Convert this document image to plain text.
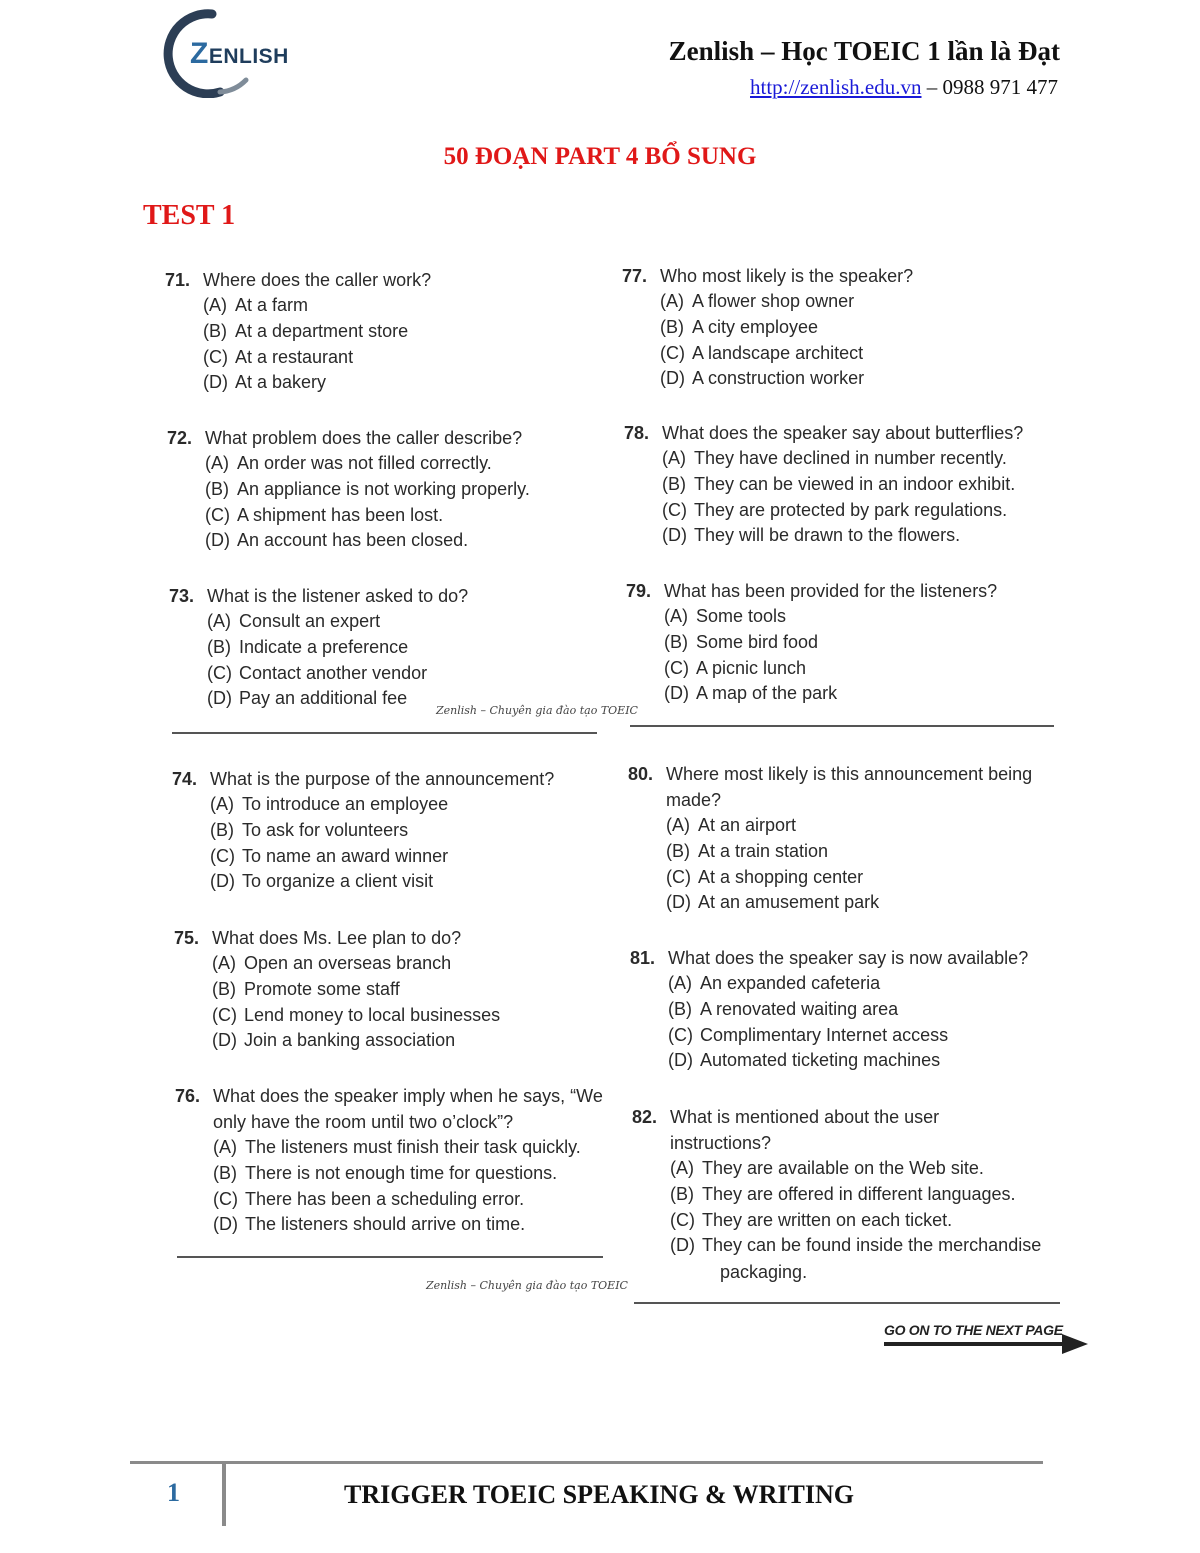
ZENLISH	Zenlish – Học TOEIC 1 lần là Đạt
http://zenlish.edu.vn – 0988 971 477
50 ĐOẠN PART 4 BỔ SUNG
TEST 1
71. Where does the caller work?
(A) At a farm
(B) At a department store
(C) At a restaurant
(D) At a bakery
72. What problem does the caller describe?
(A) An order was not filled correctly.
(B) An appliance is not working properly.
(C) A shipment has been lost.
(D) An account has been closed.
73. What is the listener asked to do?
(A) Consult an expert
(B) Indicate a preference
(C) Contact another vendor
(D) Pay an additional fee
74. What is the purpose of the announcement?
(A) To introduce an employee
(B) To ask for volunteers
(C) To name an award winner
(D) To organize a client visit
75. What does Ms. Lee plan to do?
(A) Open an overseas branch
(B) Promote some staff
(C) Lend money to local businesses
(D) Join a banking association
76. What does the speaker imply when he says, “We only have the room until two o’clock”?
(A) The listeners must finish their task quickly.
(B) There is not enough time for questions.
(C) There has been a scheduling error.
(D) The listeners should arrive on time.
77. Who most likely is the speaker?
(A) A flower shop owner
(B) A city employee
(C) A landscape architect
(D) A construction worker
78. What does the speaker say about butterflies?
(A) They have declined in number recently.
(B) They can be viewed in an indoor exhibit.
(C) They are protected by park regulations.
(D) They will be drawn to the flowers.
79. What has been provided for the listeners?
(A) Some tools
(B) Some bird food
(C) A picnic lunch
(D) A map of the park
80. Where most likely is this announcement being made?
(A) At an airport
(B) At a train station
(C) At a shopping center
(D) At an amusement park
81. What does the speaker say is now available?
(A) An expanded cafeteria
(B) A renovated waiting area
(C) Complimentary Internet access
(D) Automated ticketing machines
82. What is mentioned about the user instructions?
(A) They are available on the Web site.
(B) They are offered in different languages.
(C) They are written on each ticket.
(D) They can be found inside the merchandise
packaging.
Zenlish – Chuyên gia đào tạo TOEIC
Zenlish – Chuyên gia đào tạo TOEIC
GO ON TO THE NEXT PAGE
1	TRIGGER TOEIC SPEAKING & WRITING
